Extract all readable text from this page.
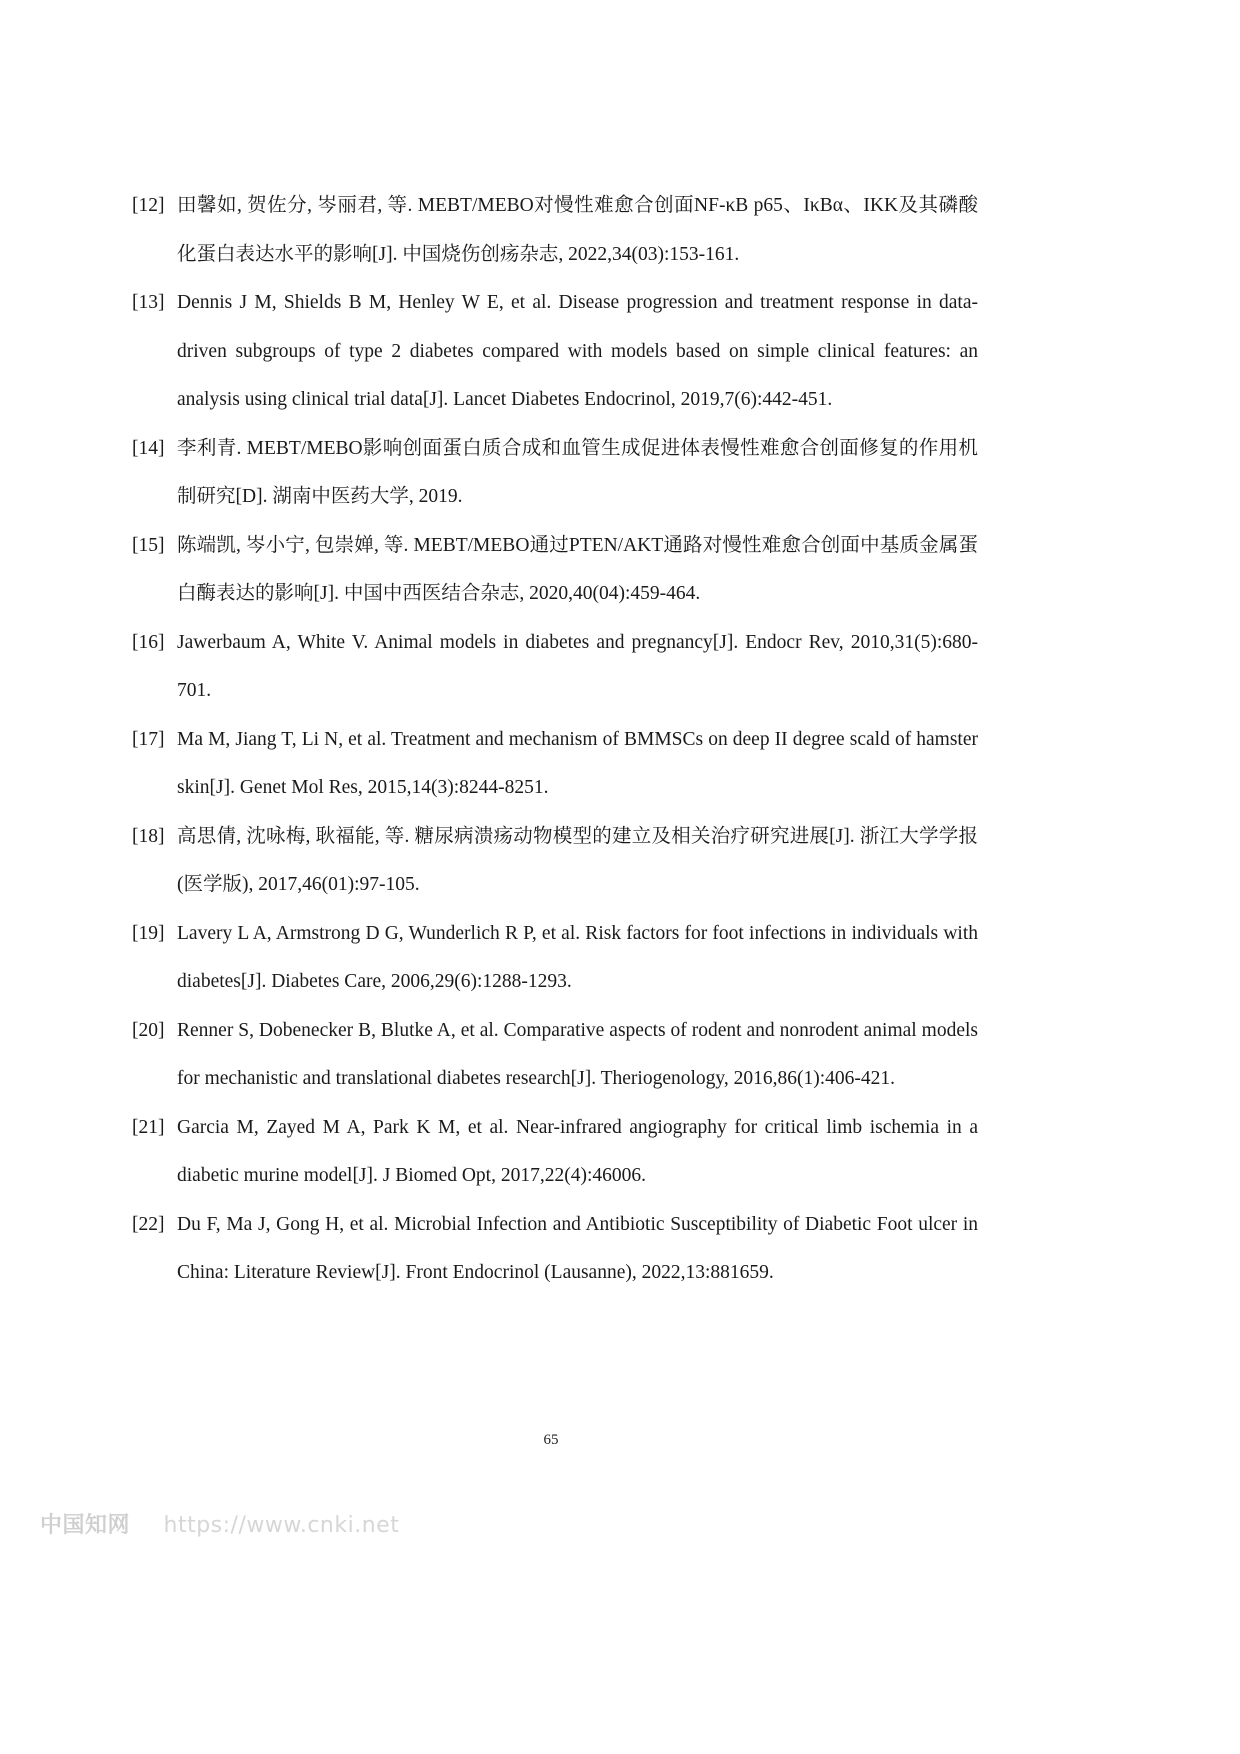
[12] 田馨如, 贺佐分, 岑丽君, 等. MEBT/MEBO对慢性难愈合创面NF-κB p65、IκBα、IKK及其磷酸化蛋白表达水平的影响[J]. 中国烧伤创疡杂志, 2022,34(03):153-161.
[13] Dennis J M, Shields B M, Henley W E, et al. Disease progression and treatment response in data-driven subgroups of type 2 diabetes compared with models based on simple clinical features: an analysis using clinical trial data[J]. Lancet Diabetes Endocrinol, 2019,7(6):442-451.
[14] 李利青. MEBT/MEBO影响创面蛋白质合成和血管生成促进体表慢性难愈合创面修复的作用机制研究[D]. 湖南中医药大学, 2019.
[15] 陈端凯, 岑小宁, 包崇婵, 等. MEBT/MEBO通过PTEN/AKT通路对慢性难愈合创面中基质金属蛋白酶表达的影响[J]. 中国中西医结合杂志, 2020,40(04):459-464.
[16] Jawerbaum A, White V. Animal models in diabetes and pregnancy[J]. Endocr Rev, 2010,31(5):680-701.
[17] Ma M, Jiang T, Li N, et al. Treatment and mechanism of BMMSCs on deep II degree scald of hamster skin[J]. Genet Mol Res, 2015,14(3):8244-8251.
[18] 高思倩, 沈咏梅, 耿福能, 等. 糖尿病溃疡动物模型的建立及相关治疗研究进展[J]. 浙江大学学报(医学版), 2017,46(01):97-105.
[19] Lavery L A, Armstrong D G, Wunderlich R P, et al. Risk factors for foot infections in individuals with diabetes[J]. Diabetes Care, 2006,29(6):1288-1293.
[20] Renner S, Dobenecker B, Blutke A, et al. Comparative aspects of rodent and nonrodent animal models for mechanistic and translational diabetes research[J]. Theriogenology, 2016,86(1):406-421.
[21] Garcia M, Zayed M A, Park K M, et al. Near-infrared angiography for critical limb ischemia in a diabetic murine model[J]. J Biomed Opt, 2017,22(4):46006.
[22] Du F, Ma J, Gong H, et al. Microbial Infection and Antibiotic Susceptibility of Diabetic Foot ulcer in China: Literature Review[J]. Front Endocrinol (Lausanne), 2022,13:881659.
65
中国知网 https://www.cnki.net
